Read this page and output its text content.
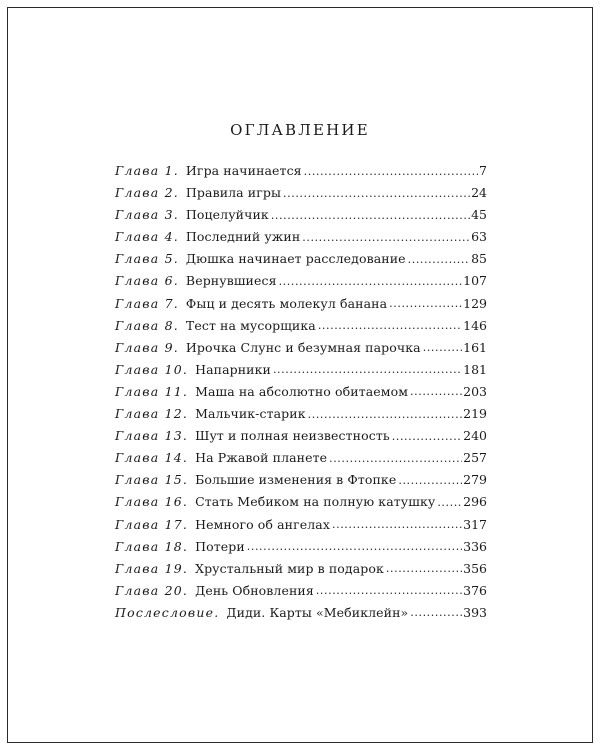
ОГЛАВЛЕНИЕ
Глава 1. Игра начинается .....	7
Глава 2. Правила игры .....	24
Глава 3. Поцелуйчик .....	45
Глава 4. Последний ужин .....	63
Глава 5. Дюшка начинает расследование .....	85
Глава 6. Вернувшиеся .....	107
Глава 7. Фыц и десять молекул банана .....	129
Глава 8. Тест на мусорщика .....	146
Глава 9. Ирочка Слунс и безумная парочка .....	161
Глава 10. Напарники .....	181
Глава 11. Маша на абсолютно обитаемом .....	203
Глава 12. Мальчик-старик .....	219
Глава 13. Шут и полная неизвестность .....	240
Глава 14. На Ржавой планете .....	257
Глава 15. Большие изменения в Фтопке .....	279
Глава 16. Стать Мебиком на полную катушку ..... 296
Глава 17. Немного об ангелах .....	317
Глава 18. Потери .....	336
Глава 19. Хрустальный мир в подарок .....	356
Глава 20. День Обновления .....	376
Послесловие. Диди. Карты «Мебиклейн» .....	393
